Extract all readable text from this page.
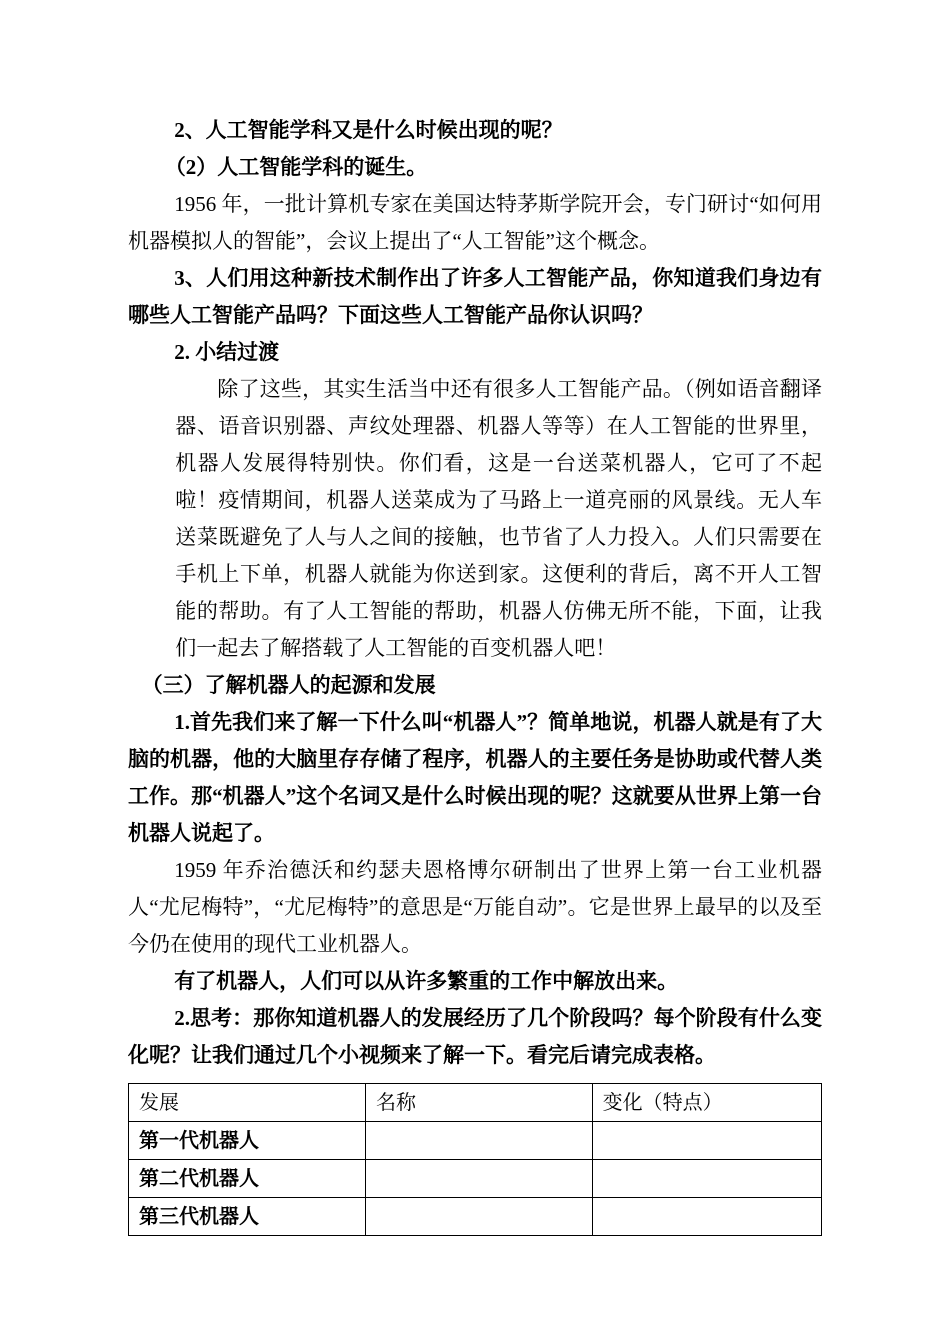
2、人工智能学科又是什么时候出现的呢？

（2）人工智能学科的诞生。

1956 年，一批计算机专家在美国达特茅斯学院开会，专门研讨“如何用机器模拟人的智能”，会议上提出了“人工智能”这个概念。

3、人们用这种新技术制作出了许多人工智能产品，你知道我们身边有哪些人工智能产品吗？下面这些人工智能产品你认识吗？

2. 小结过渡

除了这些，其实生活当中还有很多人工智能产品。（例如语音翻译器、语音识别器、声纹处理器、机器人等等）在人工智能的世界里，机器人发展得特别快。你们看，这是一台送菜机器人，它可了不起啦！疫情期间，机器人送菜成为了马路上一道亮丽的风景线。无人车送菜既避免了人与人之间的接触，也节省了人力投入。人们只需要在手机上下单，机器人就能为你送到家。这便利的背后，离不开人工智能的帮助。有了人工智能的帮助，机器人仿佛无所不能，下面，让我们一起去了解搭载了人工智能的百变机器人吧！

（三）了解机器人的起源和发展

1.首先我们来了解一下什么叫“机器人”？简单地说，机器人就是有了大脑的机器，他的大脑里存存储了程序，机器人的主要任务是协助或代替人类工作。那“机器人”这个名词又是什么时候出现的呢？这就要从世界上第一台机器人说起了。

1959 年乔治德沃和约瑟夫恩格博尔研制出了世界上第一台工业机器人“尤尼梅特”，“尤尼梅特”的意思是“万能自动”。它是世界上最早的以及至今仍在使用的现代工业机器人。

有了机器人，人们可以从许多繁重的工作中解放出来。

2.思考：那你知道机器人的发展经历了几个阶段吗？每个阶段有什么变化呢？让我们通过几个小视频来了解一下。看完后请完成表格。

发展	名称	变化（特点）
第一代机器人		
第二代机器人		
第三代机器人		
